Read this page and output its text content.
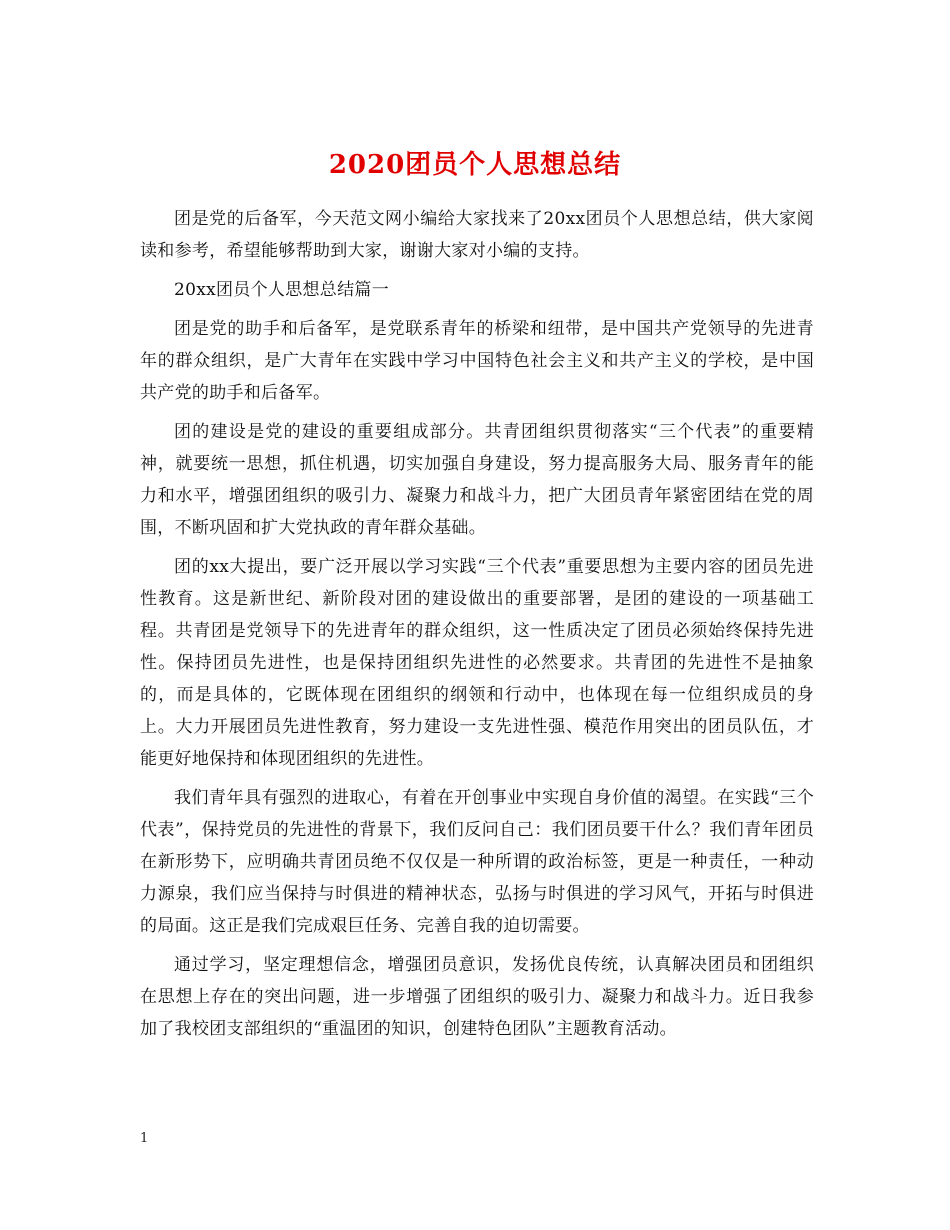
2020团员个人思想总结

团是党的后备军，今天范文网小编给大家找来了20xx团员个人思想总结，供大家阅读和参考，希望能够帮助到大家，谢谢大家对小编的支持。

20xx团员个人思想总结篇一

团是党的助手和后备军，是党联系青年的桥梁和纽带，是中国共产党领导的先进青年的群众组织，是广大青年在实践中学习中国特色社会主义和共产主义的学校，是中国共产党的助手和后备军。

团的建设是党的建设的重要组成部分。共青团组织贯彻落实“三个代表”的重要精神，就要统一思想，抓住机遇，切实加强自身建设，努力提高服务大局、服务青年的能力和水平，增强团组织的吸引力、凝聚力和战斗力，把广大团员青年紧密团结在党的周围，不断巩固和扩大党执政的青年群众基础。

团的xx大提出，要广泛开展以学习实践“三个代表”重要思想为主要内容的团员先进性教育。这是新世纪、新阶段对团的建设做出的重要部署，是团的建设的一项基础工程。共青团是党领导下的先进青年的群众组织，这一性质决定了团员必须始终保持先进性。保持团员先进性，也是保持团组织先进性的必然要求。共青团的先进性不是抽象的，而是具体的，它既体现在团组织的纲领和行动中，也体现在每一位组织成员的身上。大力开展团员先进性教育，努力建设一支先进性强、模范作用突出的团员队伍，才能更好地保持和体现团组织的先进性。

我们青年具有强烈的进取心，有着在开创事业中实现自身价值的渴望。在实践“三个代表”，保持党员的先进性的背景下，我们反问自己：我们团员要干什么？我们青年团员在新形势下，应明确共青团员绝不仅仅是一种所谓的政治标签，更是一种责任，一种动力源泉，我们应当保持与时俱进的精神状态，弘扬与时俱进的学习风气，开拓与时俱进的局面。这正是我们完成艰巨任务、完善自我的迫切需要。

通过学习，坚定理想信念，增强团员意识，发扬优良传统，认真解决团员和团组织在思想上存在的突出问题，进一步增强了团组织的吸引力、凝聚力和战斗力。近日我参加了我校团支部组织的“重温团的知识，创建特色团队”主题教育活动。

1
